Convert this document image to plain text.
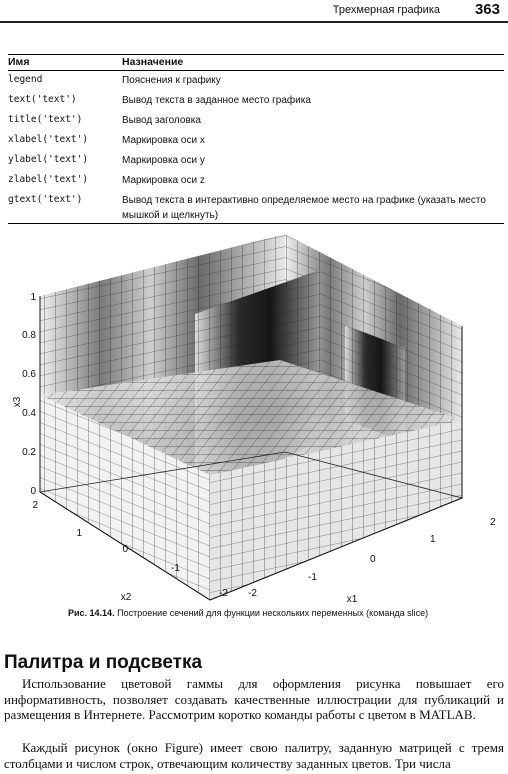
Трехмерная графика 363
Имя	Назначение
legend	Пояснения к графику
text('text')	Вывод текста в заданное место графика
title('text')	Вывод заголовка
xlabel('text')	Маркировка оси x
ylabel('text')	Маркировка оси y
zlabel('text')	Маркировка оси z
gtext('text')	Вывод текста в интерактивно определяемое место на графике (указать место мышкой и щелкнуть)
0
0.2
0.4
0.6
0.8
1
x3
2
1
0
-1
-2
x2	-2
-1
0
1
2
x1
Рис. 14.14. Построение сечений для функции нескольких переменных (команда slice)
Палитра и подсветка

Использование цветовой гаммы для оформления рисунка повышает его информативность, позволяет создавать качественные иллюстрации для публикаций и размещения в Интернете. Рассмотрим коротко команды работы с цветом в MATLAB.

Каждый рисунок (окно Figure) имеет свою палитру, заданную матрицей с тремя столбцами и числом строк, отвечающим количеству заданных цветов. Три числа
